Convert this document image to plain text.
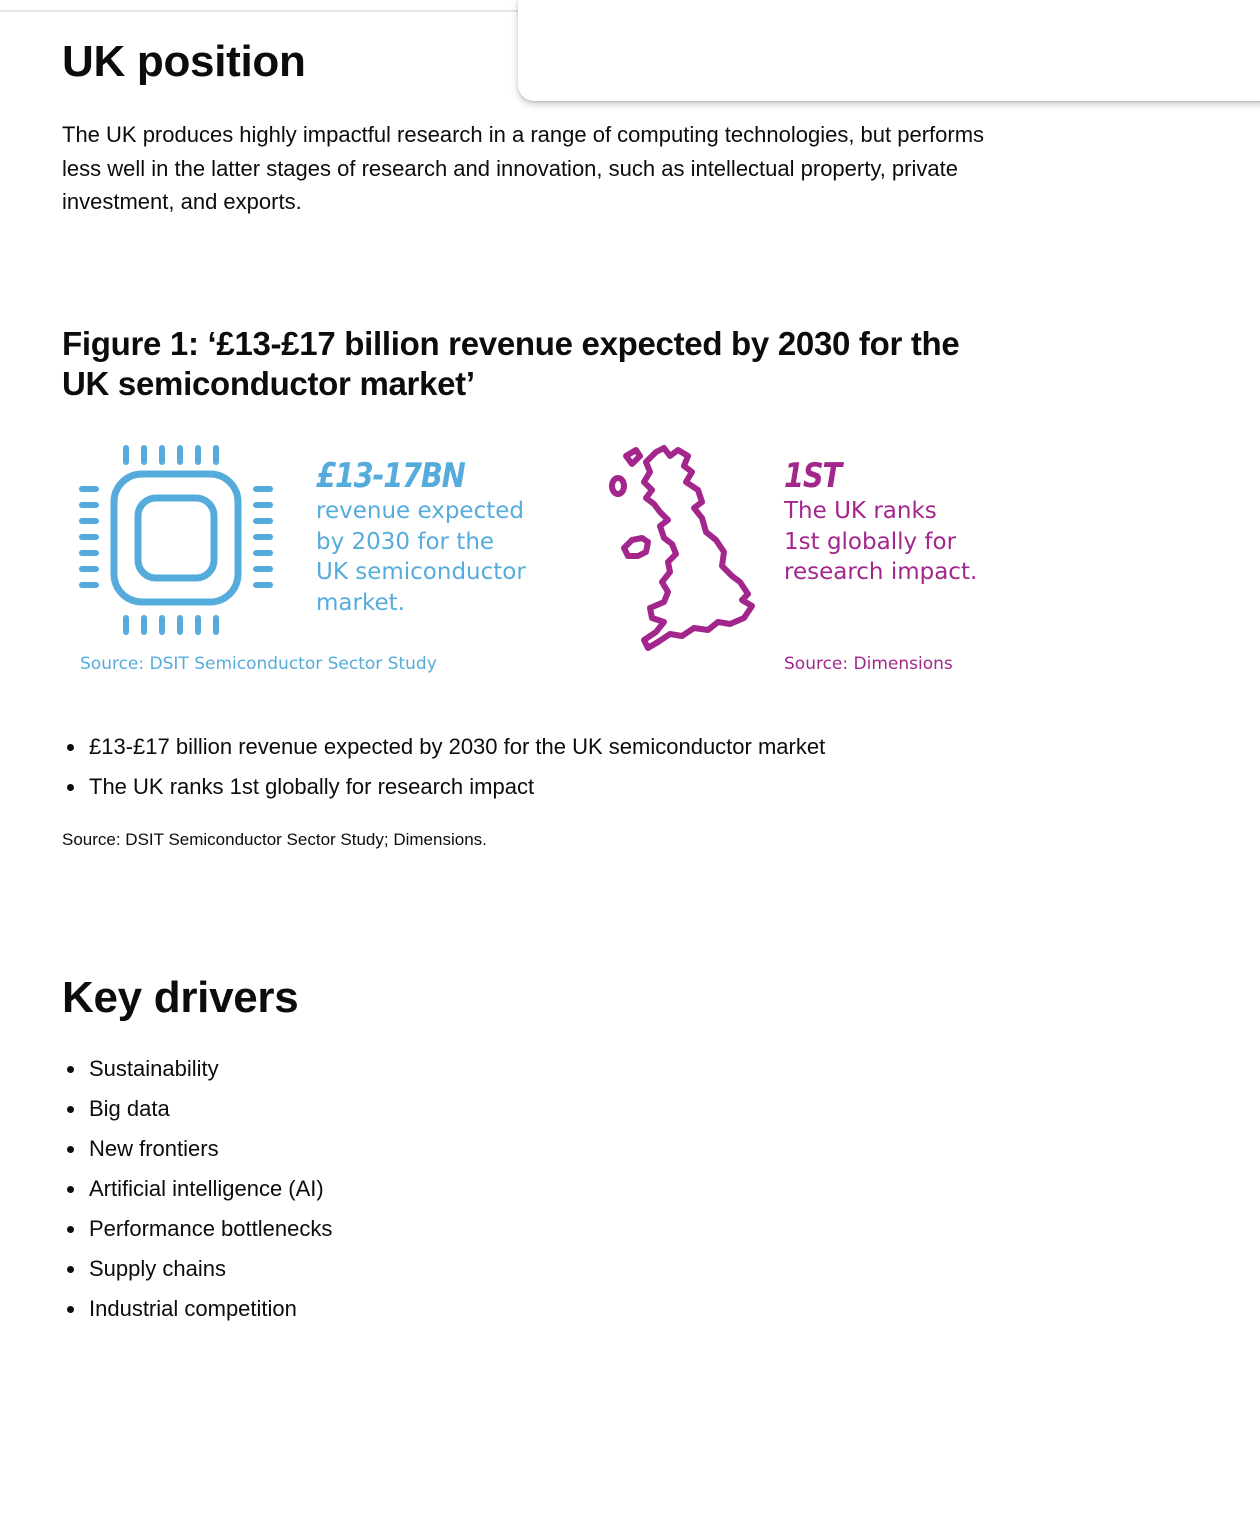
UK position

The UK produces highly impactful research in a range of computing technologies, but performs less well in the latter stages of research and innovation, such as intellectual property, private investment, and exports.

Figure 1: ‘£13-£17 billion revenue expected by 2030 for the UK semiconductor market’
£13-17BN
revenue expected
by 2030 for the
UK semiconductor
market.
Source: DSIT Semiconductor Sector Study
1ST
The UK ranks
1st globally for
research impact.
Source: Dimensions
£13-£17 billion revenue expected by 2030 for the UK semiconductor market
The UK ranks 1st globally for research impact

Source: DSIT Semiconductor Sector Study; Dimensions.

Key drivers
Sustainability
Big data
New frontiers
Artificial intelligence (AI)
Performance bottlenecks
Supply chains
Industrial competition
